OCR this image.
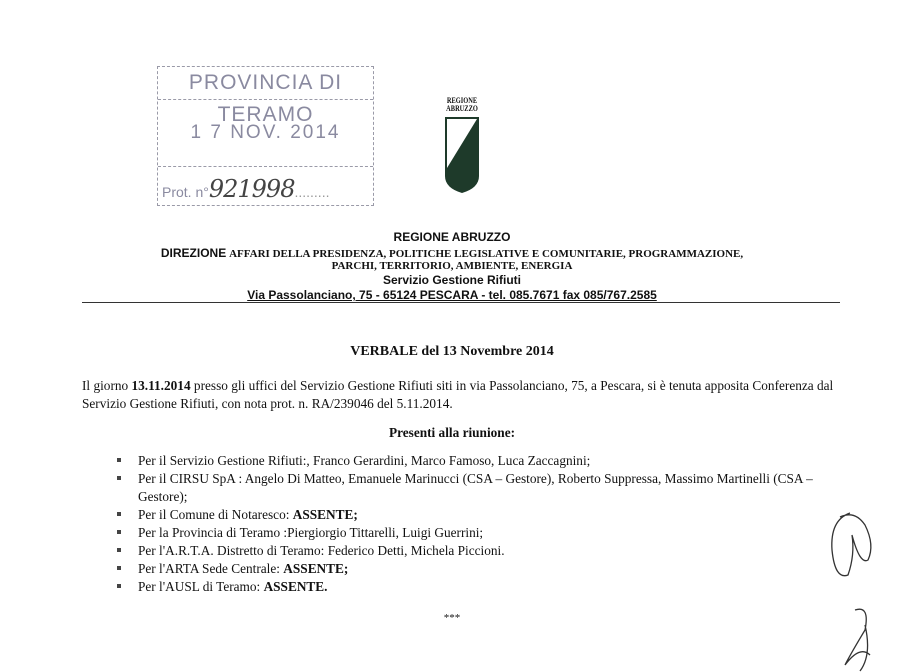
PROVINCIA DI TERAMO
1 7 NOV. 2014
Prot. n°921998.........
REGIONE ABRUZZO
REGIONE ABRUZZO
DIREZIONE AFFARI DELLA PRESIDENZA, POLITICHE LEGISLATIVE E COMUNITARIE, PROGRAMMAZIONE,
PARCHI, TERRITORIO, AMBIENTE, ENERGIA
Servizio Gestione Rifiuti
Via Passolanciano, 75 - 65124 PESCARA - tel. 085.7671 fax 085/767.2585
VERBALE del 13 Novembre 2014
Il giorno 13.11.2014 presso gli uffici del Servizio Gestione Rifiuti siti in via Passolanciano, 75, a Pescara, si è tenuta apposita Conferenza dal Servizio Gestione Rifiuti, con nota prot. n. RA/239046 del 5.11.2014.
Presenti alla riunione:
Per il Servizio Gestione Rifiuti:, Franco Gerardini, Marco Famoso, Luca Zaccagnini;
Per il CIRSU SpA : Angelo Di Matteo, Emanuele Marinucci (CSA – Gestore), Roberto Suppressa, Massimo Martinelli (CSA – Gestore);
Per il Comune di Notaresco: ASSENTE;
Per la Provincia di Teramo :Piergiorgio Tittarelli, Luigi Guerrini;
Per l'A.R.T.A. Distretto di Teramo: Federico Detti, Michela Piccioni.
Per l'ARTA Sede Centrale: ASSENTE;
Per l'AUSL di Teramo: ASSENTE.
***
